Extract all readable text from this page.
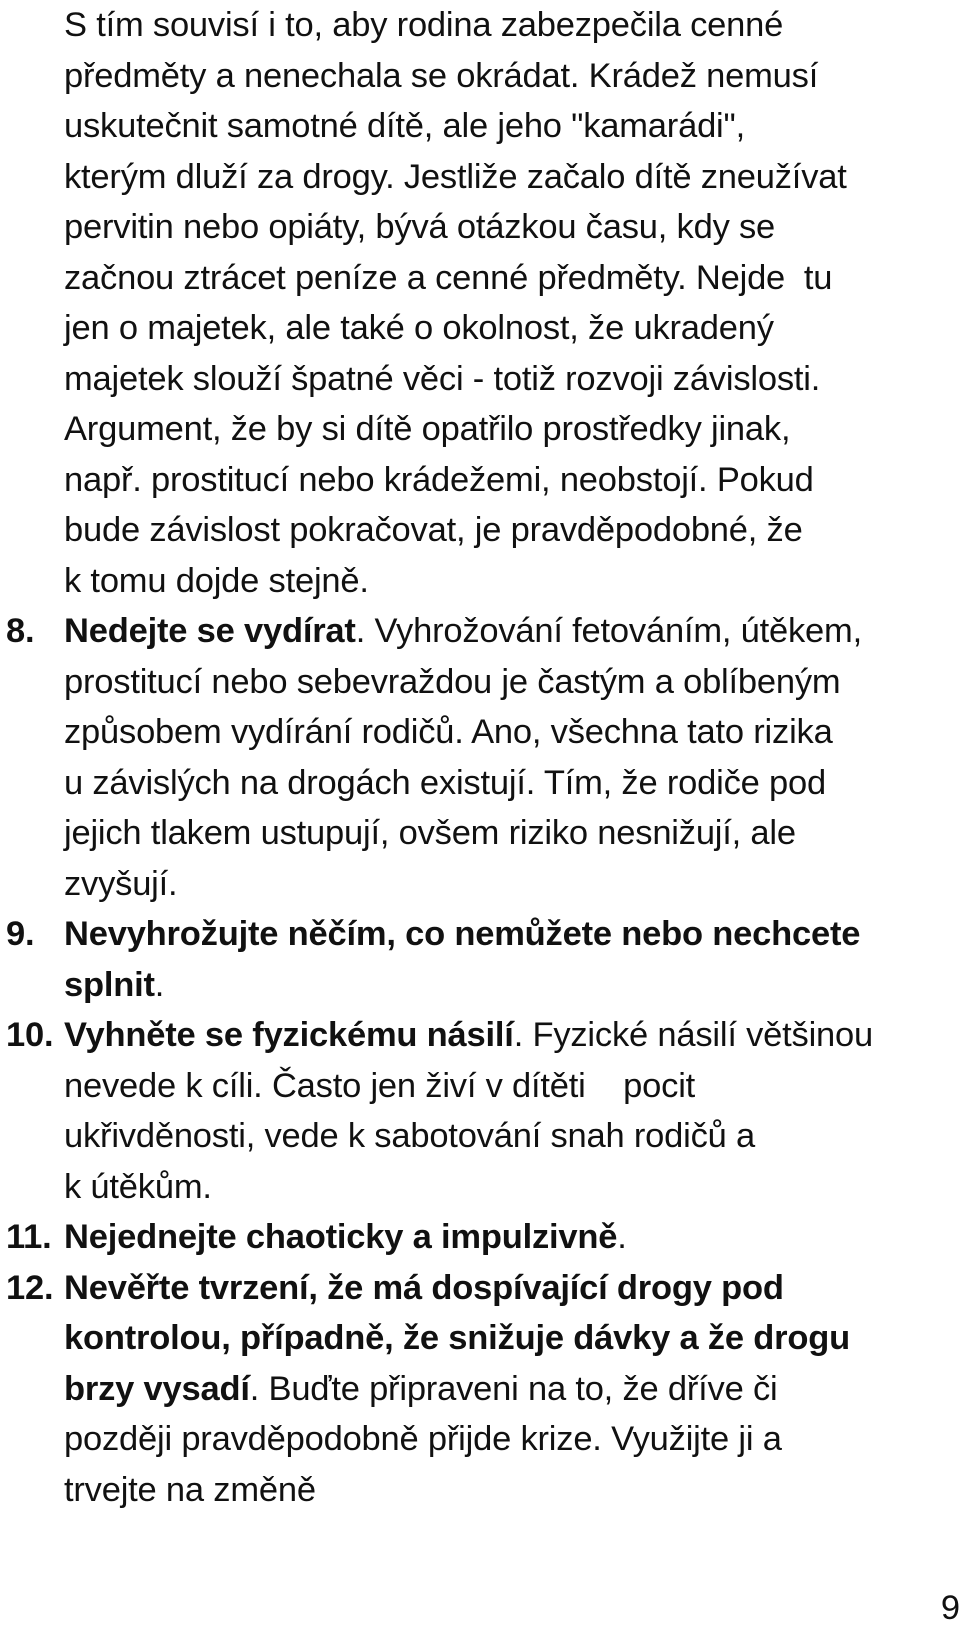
S tím souvisí i to, aby rodina zabezpečila cenné
předměty a nenechala se okrádat. Krádež nemusí
uskutečnit samotné dítě, ale jeho "kamarádi",
kterým dluží za drogy. Jestliže začalo dítě zneužívat
pervitin nebo opiáty, bývá otázkou času, kdy se
začnou ztrácet peníze a cenné předměty. Nejde  tu
jen o majetek, ale také o okolnost, že ukradený
majetek slouží špatné věci - totiž rozvoji závislosti.
Argument, že by si dítě opatřilo prostředky jinak,
např. prostitucí nebo krádežemi, neobstojí. Pokud
bude závislost pokračovat, je pravděpodobné, že
k tomu dojde stejně.
8. Nedejte se vydírat. Vyhrožování fetováním, útěkem,
prostitucí nebo sebevraždou je častým a oblíbeným
způsobem vydírání rodičů. Ano, všechna tato rizika
u závislých na drogách existují. Tím, že rodiče pod
jejich tlakem ustupují, ovšem riziko nesnižují, ale
zvyšují.
9. Nevyhrožujte něčím, co nemůžete nebo nechcete
splnit.
10. Vyhněte se fyzickému násilí. Fyzické násilí většinou
nevede k cíli. Často jen živí v dítěti    pocit
ukřivděnosti, vede k sabotování snah rodičů a
k útěkům.
11. Nejednejte chaoticky a impulzivně.
12. Nevěřte tvrzení, že má dospívající drogy pod
kontrolou, případně, že snižuje dávky a že drogu
brzy vysadí. Buďte připraveni na to, že dříve či
později pravděpodobně přijde krize. Využijte ji a
trvejte na změně
9
